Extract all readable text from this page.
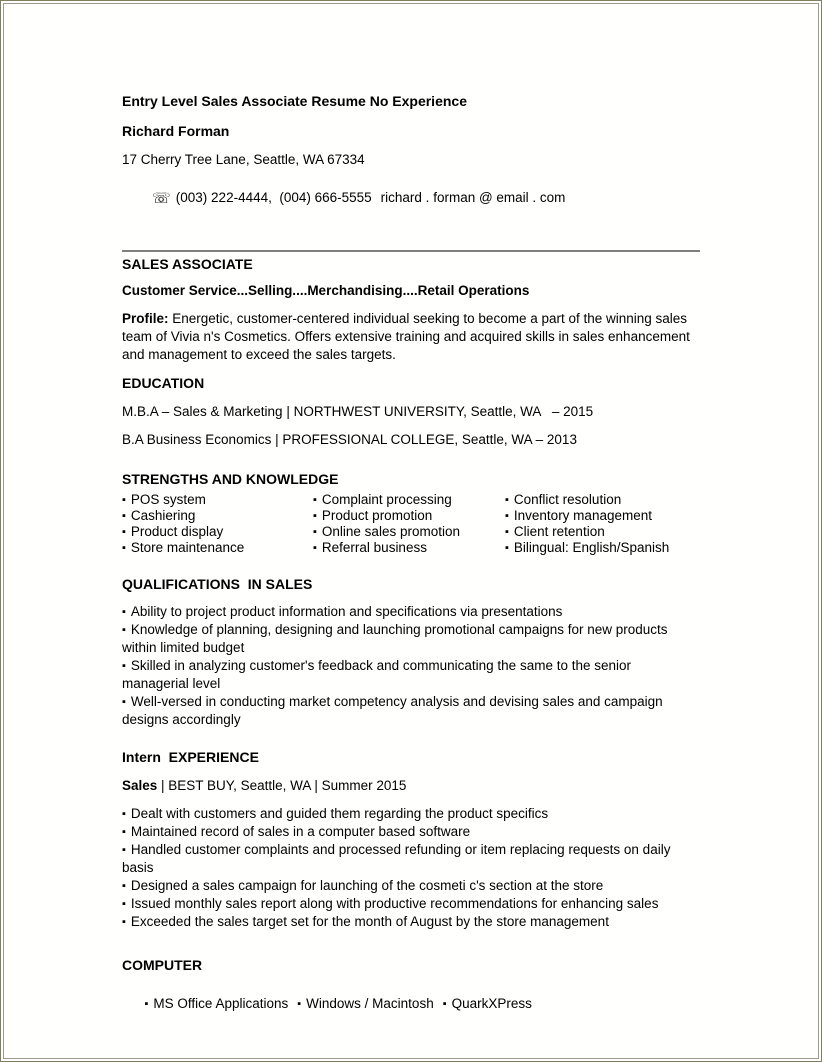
Entry Level Sales Associate Resume No Experience
Richard Forman

17 Cherry Tree Lane, Seattle, WA 67334

☏ (003) 222-4444,  (004) 666-5555 richard . forman @ email . com

SALES ASSOCIATE

Customer Service...Selling....Merchandising....Retail Operations

Profile: Energetic, customer-centered individual seeking to become a part of the winning sales team of Vivia n's Cosmetics. Offers extensive training and acquired skills in sales enhancement and management to exceed the sales targets.

EDUCATION

M.B.A – Sales & Marketing | NORTHWEST UNIVERSITY, Seattle, WA   – 2015

B.A Business Economics | PROFESSIONAL COLLEGE, Seattle, WA – 2013

STRENGTHS AND KNOWLEDGE

▪ POS system

▪ Cashiering

▪ Product display

▪ Store maintenance

▪ Complaint processing

▪ Product promotion

▪ Online sales promotion

▪ Referral business

▪ Conflict resolution

▪ Inventory management

▪ Client retention

▪ Bilingual: English/Spanish

QUALIFICATIONS  IN SALES

▪ Ability to project product information and specifications via presentations

▪ Knowledge of planning, designing and launching promotional campaigns for new products within limited budget

▪ Skilled in analyzing customer's feedback and communicating the same to the senior managerial level

▪ Well-versed in conducting market competency analysis and devising sales and campaign designs accordingly

Intern  EXPERIENCE

Sales | BEST BUY, Seattle, WA | Summer 2015

▪ Dealt with customers and guided them regarding the product specifics

▪ Maintained record of sales in a computer based software

▪ Handled customer complaints and processed refunding or item replacing requests on daily basis

▪ Designed a sales campaign for launching of the cosmeti c's section at the store

▪ Issued monthly sales report along with productive recommendations for enhancing sales

▪ Exceeded the sales target set for the month of August by the store management

COMPUTER

▪ MS Office Applications ▪ Windows / Macintosh ▪ QuarkXPress
